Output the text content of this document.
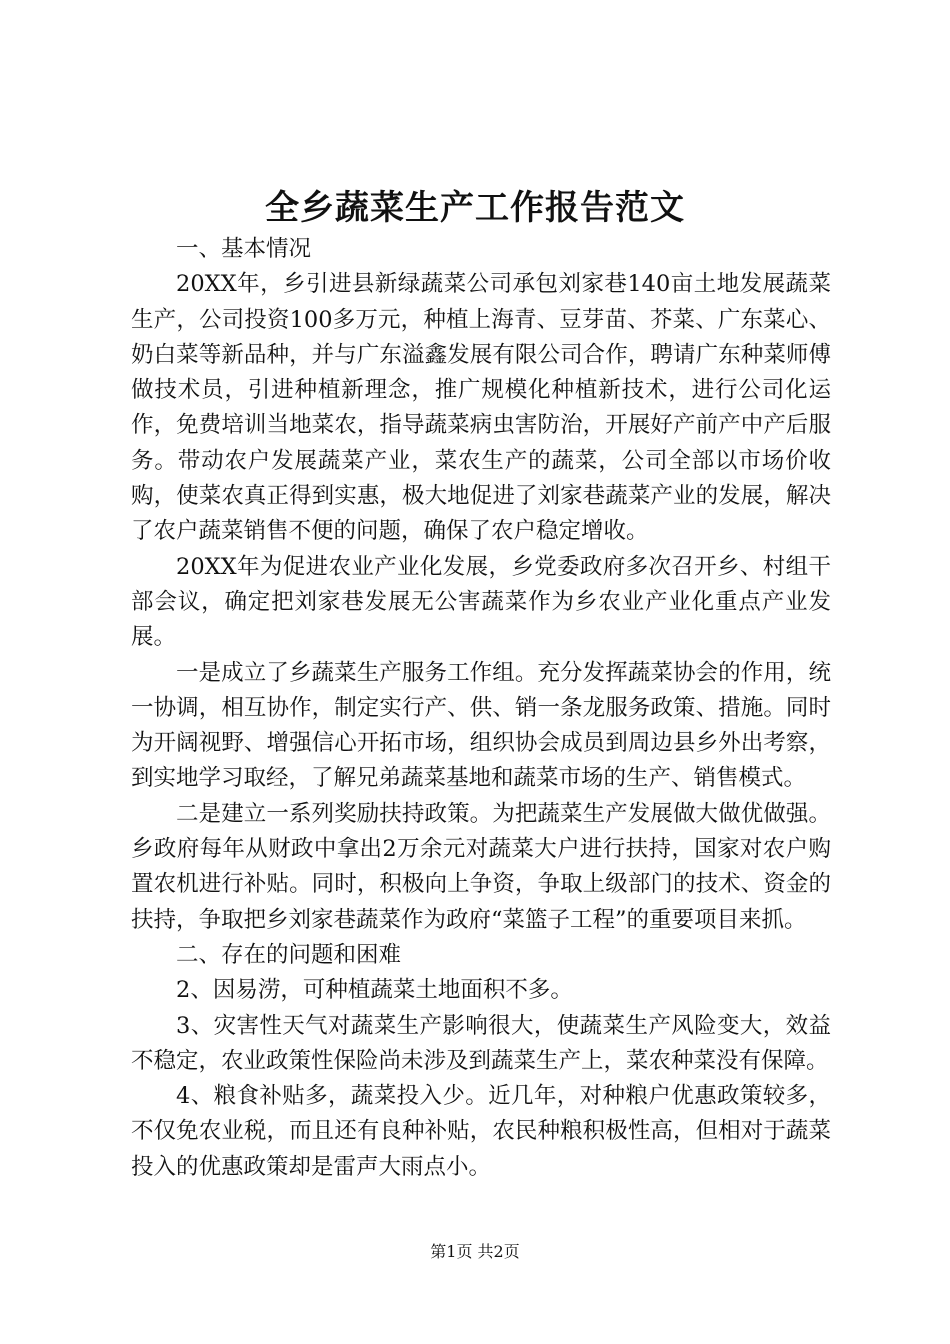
全乡蔬菜生产工作报告范文

一、基本情况

20XX年，乡引进县新绿蔬菜公司承包刘家巷140亩土地发展蔬菜生产，公司投资100多万元，种植上海青、豆芽苗、芥菜、广东菜心、奶白菜等新品种，并与广东溢鑫发展有限公司合作，聘请广东种菜师傅做技术员，引进种植新理念，推广规模化种植新技术，进行公司化运作，免费培训当地菜农，指导蔬菜病虫害防治，开展好产前产中产后服务。带动农户发展蔬菜产业，菜农生产的蔬菜，公司全部以市场价收购，使菜农真正得到实惠，极大地促进了刘家巷蔬菜产业的发展，解决了农户蔬菜销售不便的问题，确保了农户稳定增收。

20XX年为促进农业产业化发展，乡党委政府多次召开乡、村组干部会议，确定把刘家巷发展无公害蔬菜作为乡农业产业化重点产业发展。

一是成立了乡蔬菜生产服务工作组。充分发挥蔬菜协会的作用，统一协调，相互协作，制定实行产、供、销一条龙服务政策、措施。同时为开阔视野、增强信心开拓市场，组织协会成员到周边县乡外出考察，到实地学习取经，了解兄弟蔬菜基地和蔬菜市场的生产、销售模式。

二是建立一系列奖励扶持政策。为把蔬菜生产发展做大做优做强。乡政府每年从财政中拿出2万余元对蔬菜大户进行扶持，国家对农户购置农机进行补贴。同时，积极向上争资，争取上级部门的技术、资金的扶持，争取把乡刘家巷蔬菜作为政府“菜篮子工程”的重要项目来抓。

二、存在的问题和困难

2、因易涝，可种植蔬菜土地面积不多。

3、灾害性天气对蔬菜生产影响很大，使蔬菜生产风险变大，效益不稳定，农业政策性保险尚未涉及到蔬菜生产上，菜农种菜没有保障。

4、粮食补贴多，蔬菜投入少。近几年，对种粮户优惠政策较多，不仅免农业税，而且还有良种补贴，农民种粮积极性高，但相对于蔬菜投入的优惠政策却是雷声大雨点小。

第1页 共2页
